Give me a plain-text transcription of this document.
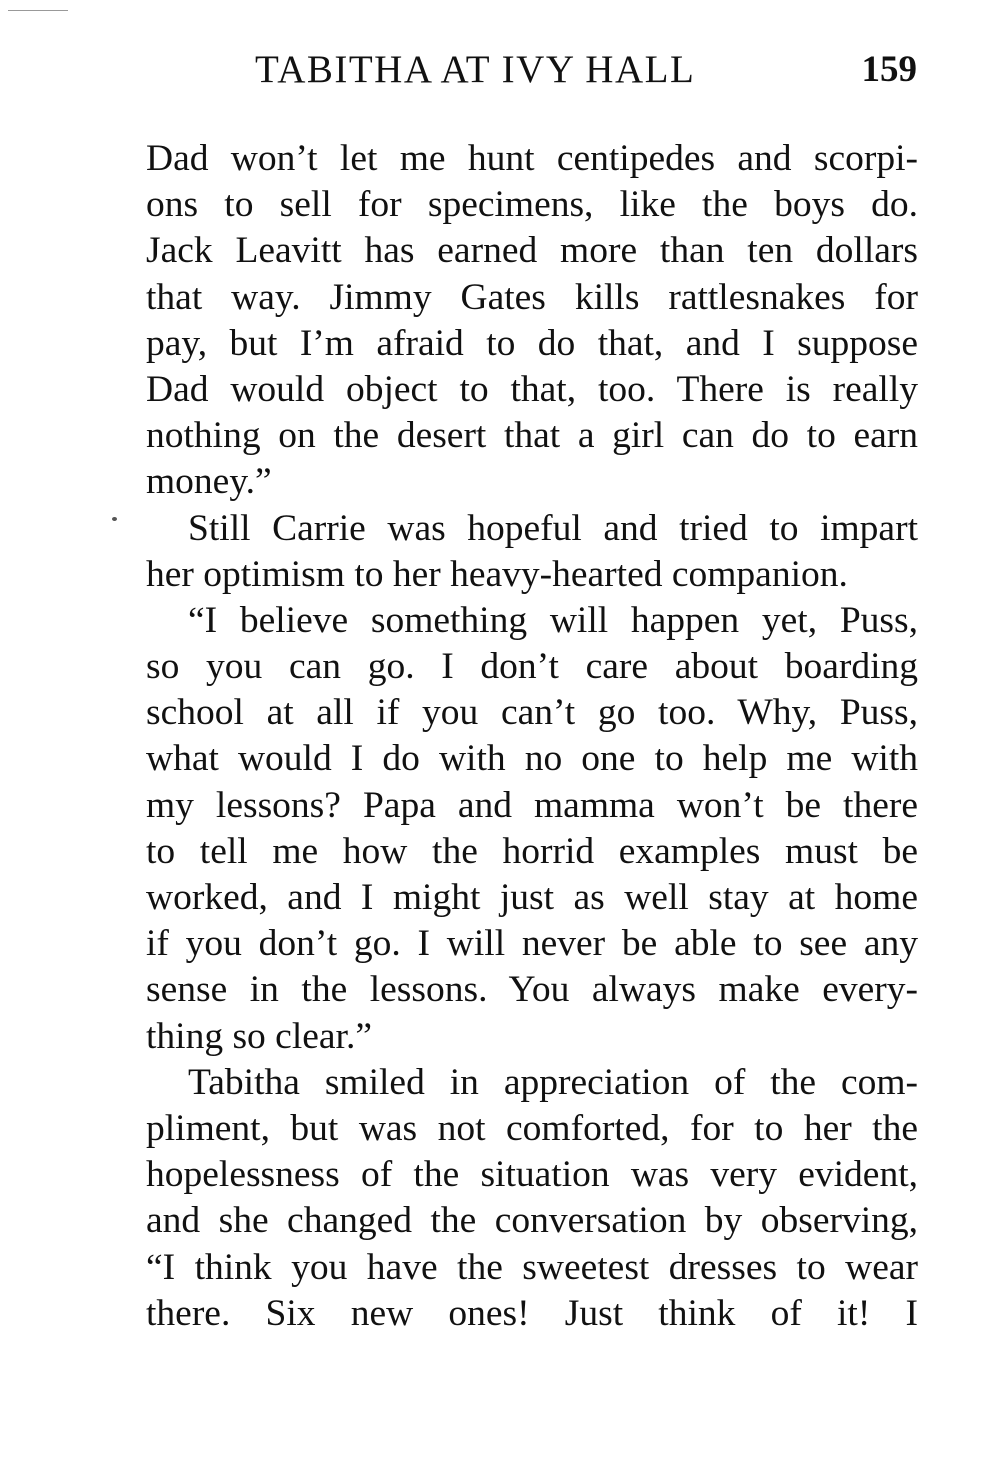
TABITHA AT IVY HALL	159
Dad won’t let me hunt centipedes and scorpi-
ons to sell for specimens, like the boys do.
Jack Leavitt has earned more than ten dollars
that way. Jimmy Gates kills rattlesnakes for
pay, but I’m afraid to do that, and I suppose
Dad would object to that, too. There is really
nothing on the desert that a girl can do to earn
money.”
Still Carrie was hopeful and tried to impart
her optimism to her heavy-hearted companion.
“I believe something will happen yet, Puss,
so you can go. I don’t care about boarding
school at all if you can’t go too. Why, Puss,
what would I do with no one to help me with
my lessons? Papa and mamma won’t be there
to tell me how the horrid examples must be
worked, and I might just as well stay at home
if you don’t go. I will never be able to see any
sense in the lessons. You always make every-
thing so clear.”
Tabitha smiled in appreciation of the com-
pliment, but was not comforted, for to her the
hopelessness of the situation was very evident,
and she changed the conversation by observing,
“I think you have the sweetest dresses to wear
there. Six new ones! Just think of it! I
